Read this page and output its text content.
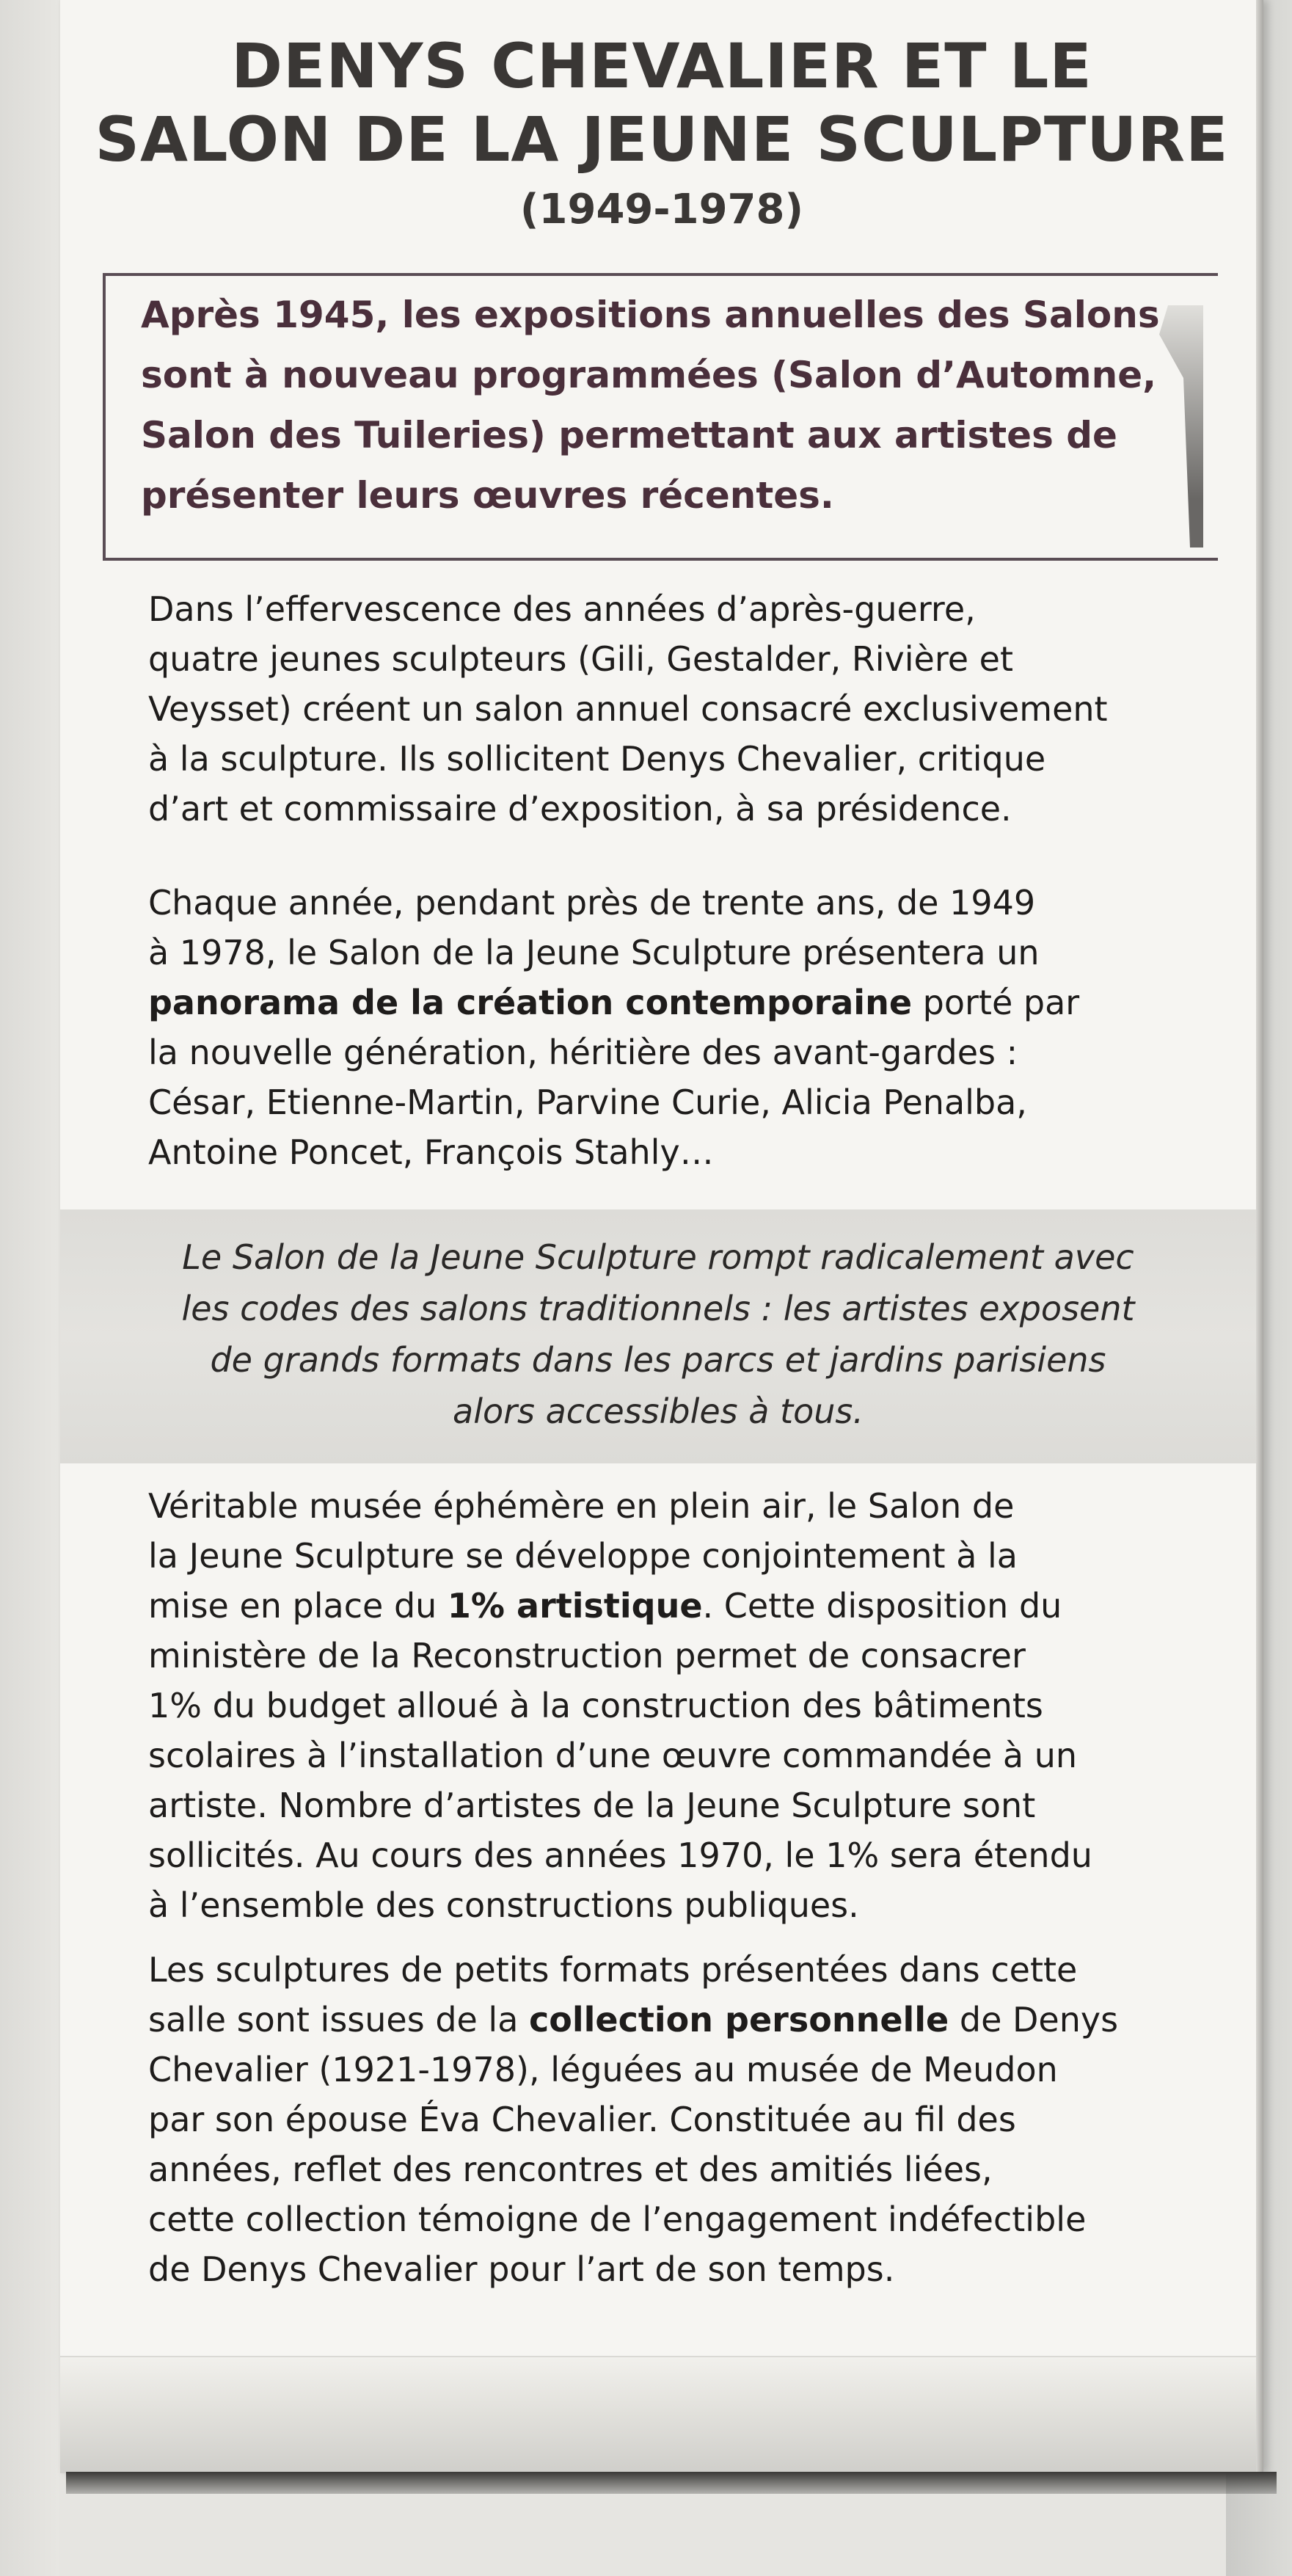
DENYS CHEVALIER ET LE
SALON DE LA JEUNE SCULPTURE
(1949-1978)

Après 1945, les expositions annuelles des Salons
sont à nouveau programmées (Salon d’Automne,
Salon des Tuileries) permettant aux artistes de
présenter leurs œuvres récentes.

Dans l’effervescence des années d’après-guerre,
quatre jeunes sculpteurs (Gili, Gestalder, Rivière et
Veysset) créent un salon annuel consacré exclusivement
à la sculpture. Ils sollicitent Denys Chevalier, critique
d’art et commissaire d’exposition, à sa présidence.

Chaque année, pendant près de trente ans, de 1949
à 1978, le Salon de la Jeune Sculpture présentera un
panorama de la création contemporaine porté par
la nouvelle génération, héritière des avant-gardes :
César, Etienne-Martin, Parvine Curie, Alicia Penalba,
Antoine Poncet, François Stahly…

Le Salon de la Jeune Sculpture rompt radicalement avec
les codes des salons traditionnels : les artistes exposent
de grands formats dans les parcs et jardins parisiens
alors accessibles à tous.

Véritable musée éphémère en plein air, le Salon de
la Jeune Sculpture se développe conjointement à la
mise en place du 1% artistique. Cette disposition du
ministère de la Reconstruction permet de consacrer
1% du budget alloué à la construction des bâtiments
scolaires à l’installation d’une œuvre commandée à un
artiste. Nombre d’artistes de la Jeune Sculpture sont
sollicités. Au cours des années 1970, le 1% sera étendu
à l’ensemble des constructions publiques.

Les sculptures de petits formats présentées dans cette
salle sont issues de la collection personnelle de Denys
Chevalier (1921-1978), léguées au musée de Meudon
par son épouse Éva Chevalier. Constituée au fil des
années, reflet des rencontres et des amitiés liées,
cette collection témoigne de l’engagement indéfectible
de Denys Chevalier pour l’art de son temps.
